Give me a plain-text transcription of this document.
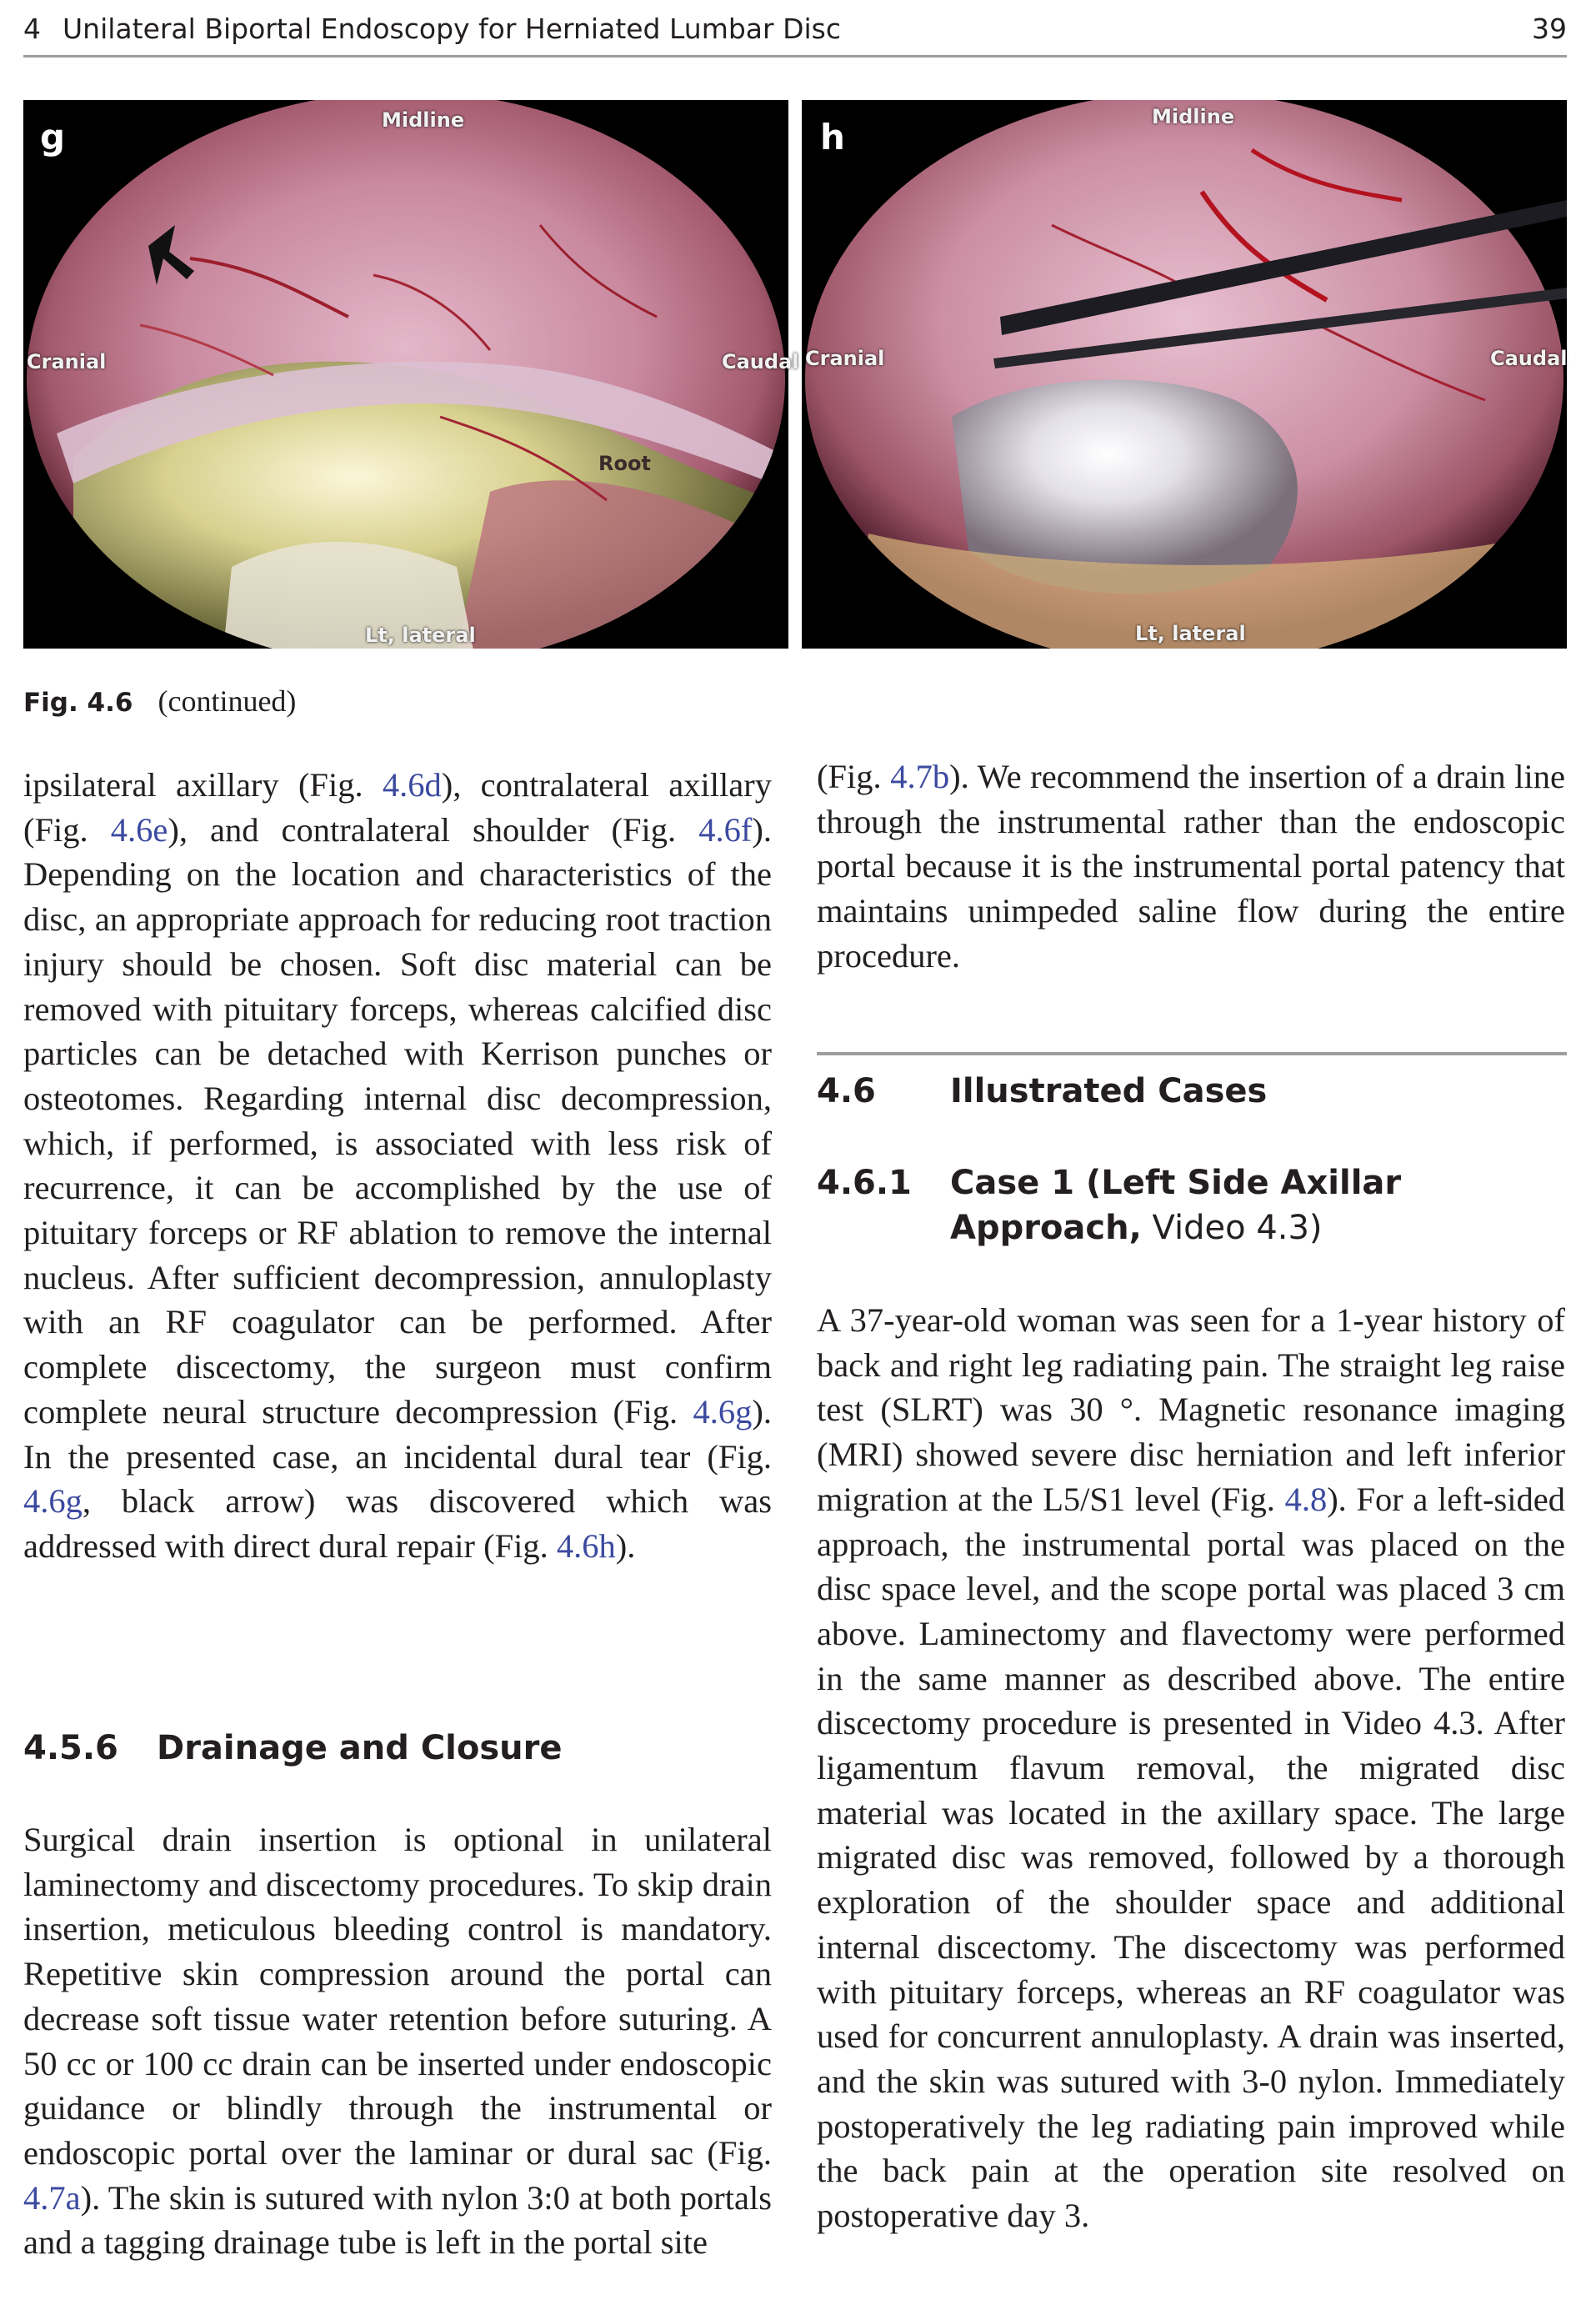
4 Unilateral Biportal Endoscopy for Herniated Lumbar Disc	39
g	Midline
Cranial	Caudal
Root
Lt, lateral
h	Midline
Cranial	Caudal
Lt, lateral
Fig. 4.6 (continued)

ipsilateral axillary (Fig. 4.6d), contralateral axillary (Fig. 4.6e), and contralateral shoulder (Fig. 4.6f). Depending on the location and characteristics of the disc, an appropriate approach for reducing root traction injury should be chosen. Soft disc material can be removed with pituitary forceps, whereas calcified disc particles can be detached with Kerrison punches or osteotomes. Regarding internal disc decompression, which, if performed, is associated with less risk of recurrence, it can be accomplished by the use of pituitary forceps or RF ablation to remove the internal nucleus. After sufficient decompression, annuloplasty with an RF coagulator can be performed. After complete discectomy, the surgeon must confirm complete neural structure decompression (Fig. 4.6g). In the presented case, an incidental dural tear (Fig. 4.6g, black arrow) was discovered which was addressed with direct dural repair (Fig. 4.6h).

4.5.6 Drainage and Closure

Surgical drain insertion is optional in unilateral laminectomy and discectomy procedures. To skip drain insertion, meticulous bleeding control is mandatory. Repetitive skin compression around the portal can decrease soft tissue water retention before suturing. A 50 cc or 100 cc drain can be inserted under endoscopic guidance or blindly through the instrumental or endoscopic portal over the laminar or dural sac (Fig. 4.7a). The skin is sutured with nylon 3:0 at both portals and a tagging drainage tube is left in the portal site

(Fig. 4.7b). We recommend the insertion of a drain line through the instrumental rather than the endoscopic portal because it is the instrumental portal patency that maintains unimpeded saline flow during the entire procedure.

4.6 Illustrated Cases
4.6.1 Case 1 (Left Side Axillar
Approach, Video 4.3)

A 37-year-old woman was seen for a 1-year history of back and right leg radiating pain. The straight leg raise test (SLRT) was 30 °. Magnetic resonance imaging (MRI) showed severe disc herniation and left inferior migration at the L5/S1 level (Fig. 4.8). For a left-sided approach, the instrumental portal was placed on the disc space level, and the scope portal was placed 3 cm above. Laminectomy and flavectomy were performed in the same manner as described above. The entire discectomy procedure is presented in Video 4.3. After ligamentum flavum removal, the migrated disc material was located in the axillary space. The large migrated disc was removed, followed by a thorough exploration of the shoulder space and additional internal discectomy. The discectomy was performed with pituitary forceps, whereas an RF coagulator was used for concurrent annuloplasty. A drain was inserted, and the skin was sutured with 3-0 nylon. Immediately postoperatively the leg radiating pain improved while the back pain at the operation site resolved on postoperative day 3.
